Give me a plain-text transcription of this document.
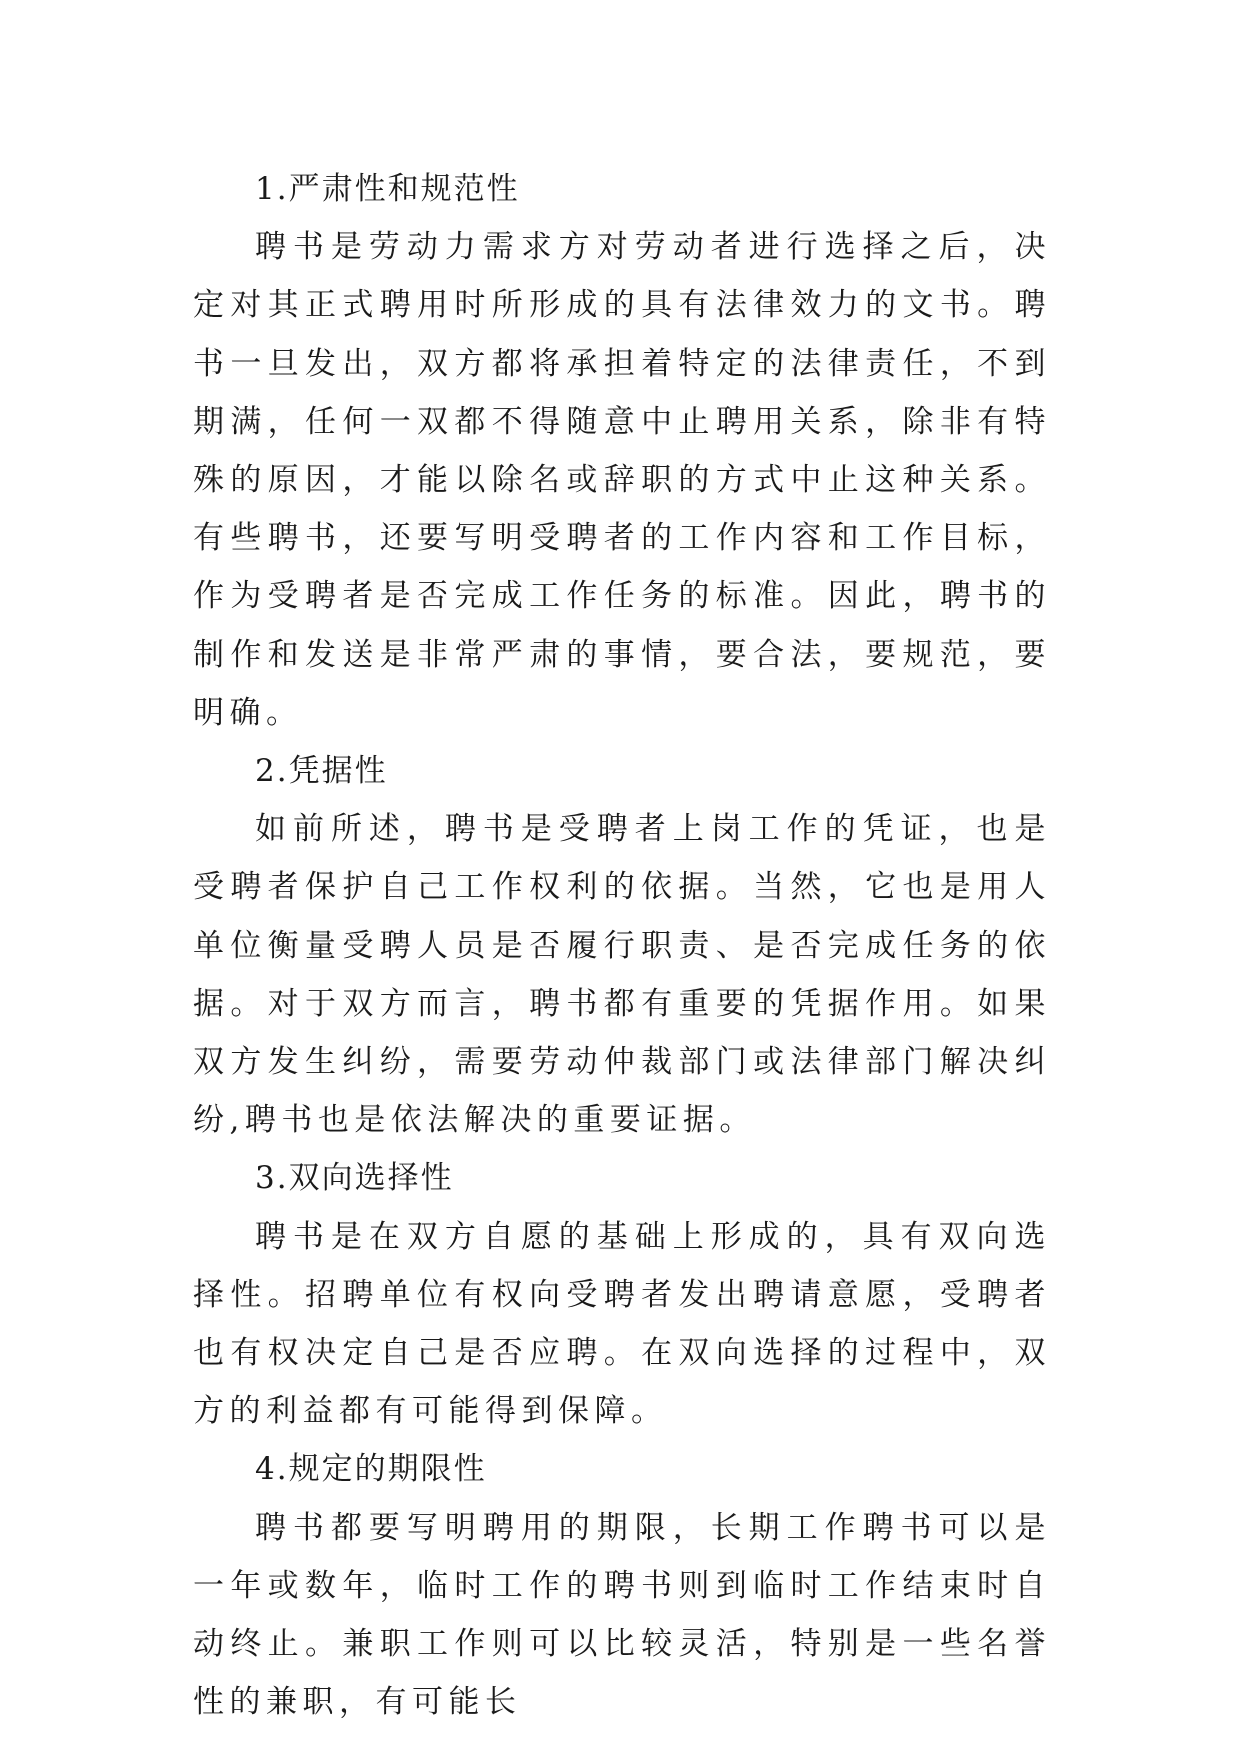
1.严肃性和规范性

聘书是劳动力需求方对劳动者进行选择之后，决定对其正式聘用时所形成的具有法律效力的文书。聘书一旦发出，双方都将承担着特定的法律责任，不到期满，任何一双都不得随意中止聘用关系，除非有特殊的原因，才能以除名或辞职的方式中止这种关系。有些聘书，还要写明受聘者的工作内容和工作目标，作为受聘者是否完成工作任务的标准。因此，聘书的制作和发送是非常严肃的事情，要合法，要规范，要明确。

2.凭据性

如前所述，聘书是受聘者上岗工作的凭证，也是受聘者保护自己工作权利的依据。当然，它也是用人单位衡量受聘人员是否履行职责、是否完成任务的依据。对于双方而言，聘书都有重要的凭据作用。如果双方发生纠纷，需要劳动仲裁部门或法律部门解决纠纷,聘书也是依法解决的重要证据。

3.双向选择性

聘书是在双方自愿的基础上形成的，具有双向选择性。招聘单位有权向受聘者发出聘请意愿，受聘者也有权决定自己是否应聘。在双向选择的过程中，双方的利益都有可能得到保障。

4.规定的期限性

聘书都要写明聘用的期限，长期工作聘书可以是一年或数年，临时工作的聘书则到临时工作结束时自动终止。兼职工作则可以比较灵活，特别是一些名誉性的兼职，有可能长
